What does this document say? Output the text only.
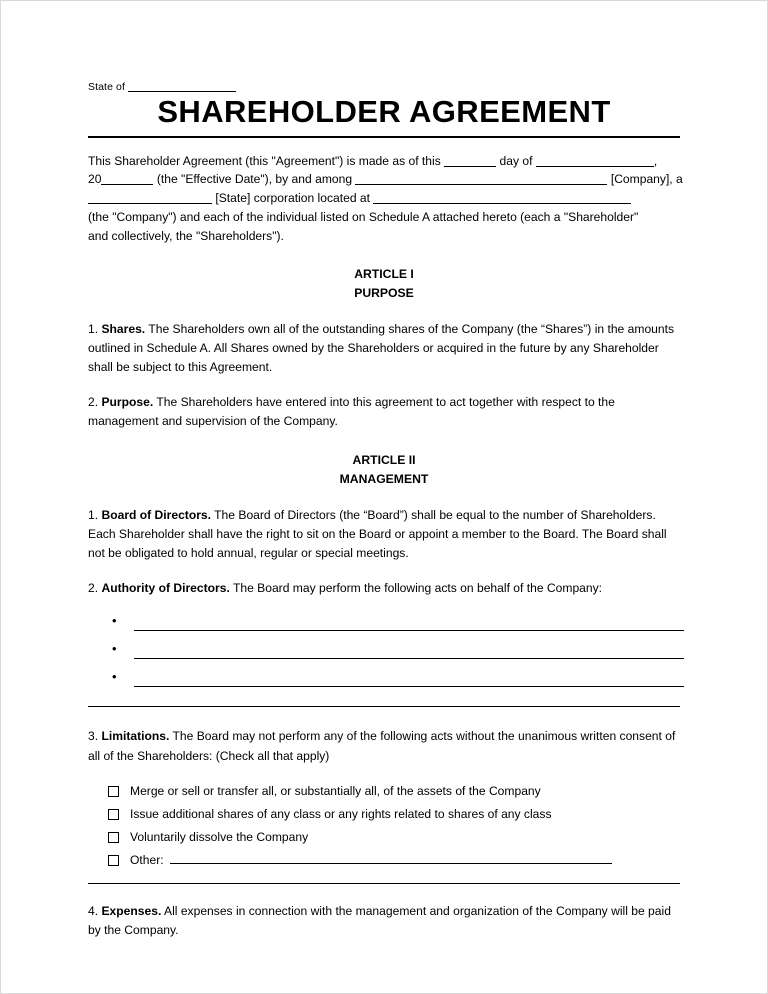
State of
SHAREHOLDER AGREEMENT

This Shareholder Agreement (this "Agreement") is made as of this	day of	,
20	(the "Effective Date"), by and among	[Company], a
[State] corporation located at
(the "Company") and each of the individual listed on Schedule A attached hereto (each a "Shareholder"
and collectively, the "Shareholders").

ARTICLE I
PURPOSE

1. Shares. The Shareholders own all of the outstanding shares of the Company (the “Shares”) in the amounts outlined in Schedule A. All Shares owned by the Shareholders or acquired in the future by any Shareholder shall be subject to this Agreement.

2. Purpose. The Shareholders have entered into this agreement to act together with respect to the management and supervision of the Company.

ARTICLE II
MANAGEMENT

1. Board of Directors. The Board of Directors (the “Board”) shall be equal to the number of Shareholders. Each Shareholder shall have the right to sit on the Board or appoint a member to the Board. The Board shall not be obligated to hold annual, regular or special meetings.

2. Authority of Directors. The Board may perform the following acts on behalf of the Company:

•
•
•

3. Limitations. The Board may not perform any of the following acts without the unanimous written consent of all of the Shareholders: (Check all that apply)

Merge or sell or transfer all, or substantially all, of the assets of the Company
Issue additional shares of any class or any rights related to shares of any class
Voluntarily dissolve the Company
Other:

4. Expenses. All expenses in connection with the management and organization of the Company will be paid by the Company.
